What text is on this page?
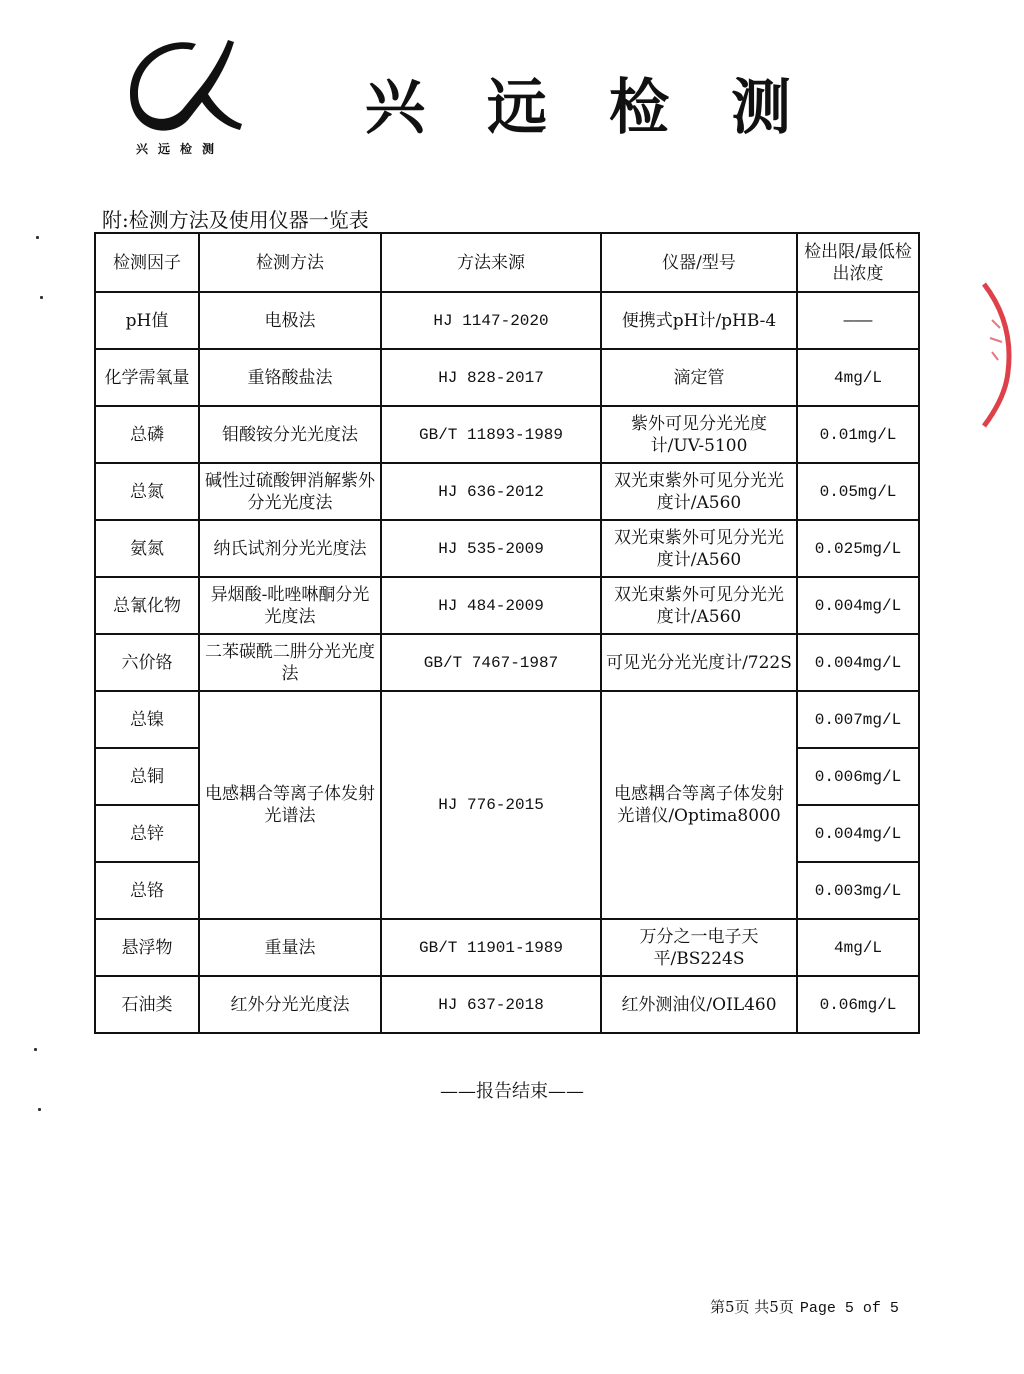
兴远检测
兴远检测
附:检测方法及使用仪器一览表
检测因子	检测方法	方法来源	仪器/型号	检出限/最低检出浓度
pH值	电极法	HJ 1147-2020	便携式pH计/pHB-4	———
化学需氧量	重铬酸盐法	HJ 828-2017	滴定管	4mg/L
总磷	钼酸铵分光光度法	GB/T 11893-1989	紫外可见分光光度计/UV-5100	0.01mg/L
总氮	碱性过硫酸钾消解紫外分光光度法	HJ 636-2012	双光束紫外可见分光光度计/A560	0.05mg/L
氨氮	纳氏试剂分光光度法	HJ 535-2009	双光束紫外可见分光光度计/A560	0.025mg/L
总氰化物	异烟酸-吡唑啉酮分光光度法	HJ 484-2009	双光束紫外可见分光光度计/A560	0.004mg/L
六价铬	二苯碳酰二肼分光光度法	GB/T 7467-1987	可见光分光光度计/722S	0.004mg/L
总镍	电感耦合等离子体发射光谱法	HJ 776-2015	电感耦合等离子体发射光谱仪/Optima8000	0.007mg/L
总铜				0.006mg/L
总锌				0.004mg/L
总铬				0.003mg/L
悬浮物	重量法	GB/T 11901-1989	万分之一电子天平/BS224S	4mg/L
石油类	红外分光光度法	HJ 637-2018	红外测油仪/OIL460	0.06mg/L
——报告结束——
第5页 共5页 Page 5 of 5
